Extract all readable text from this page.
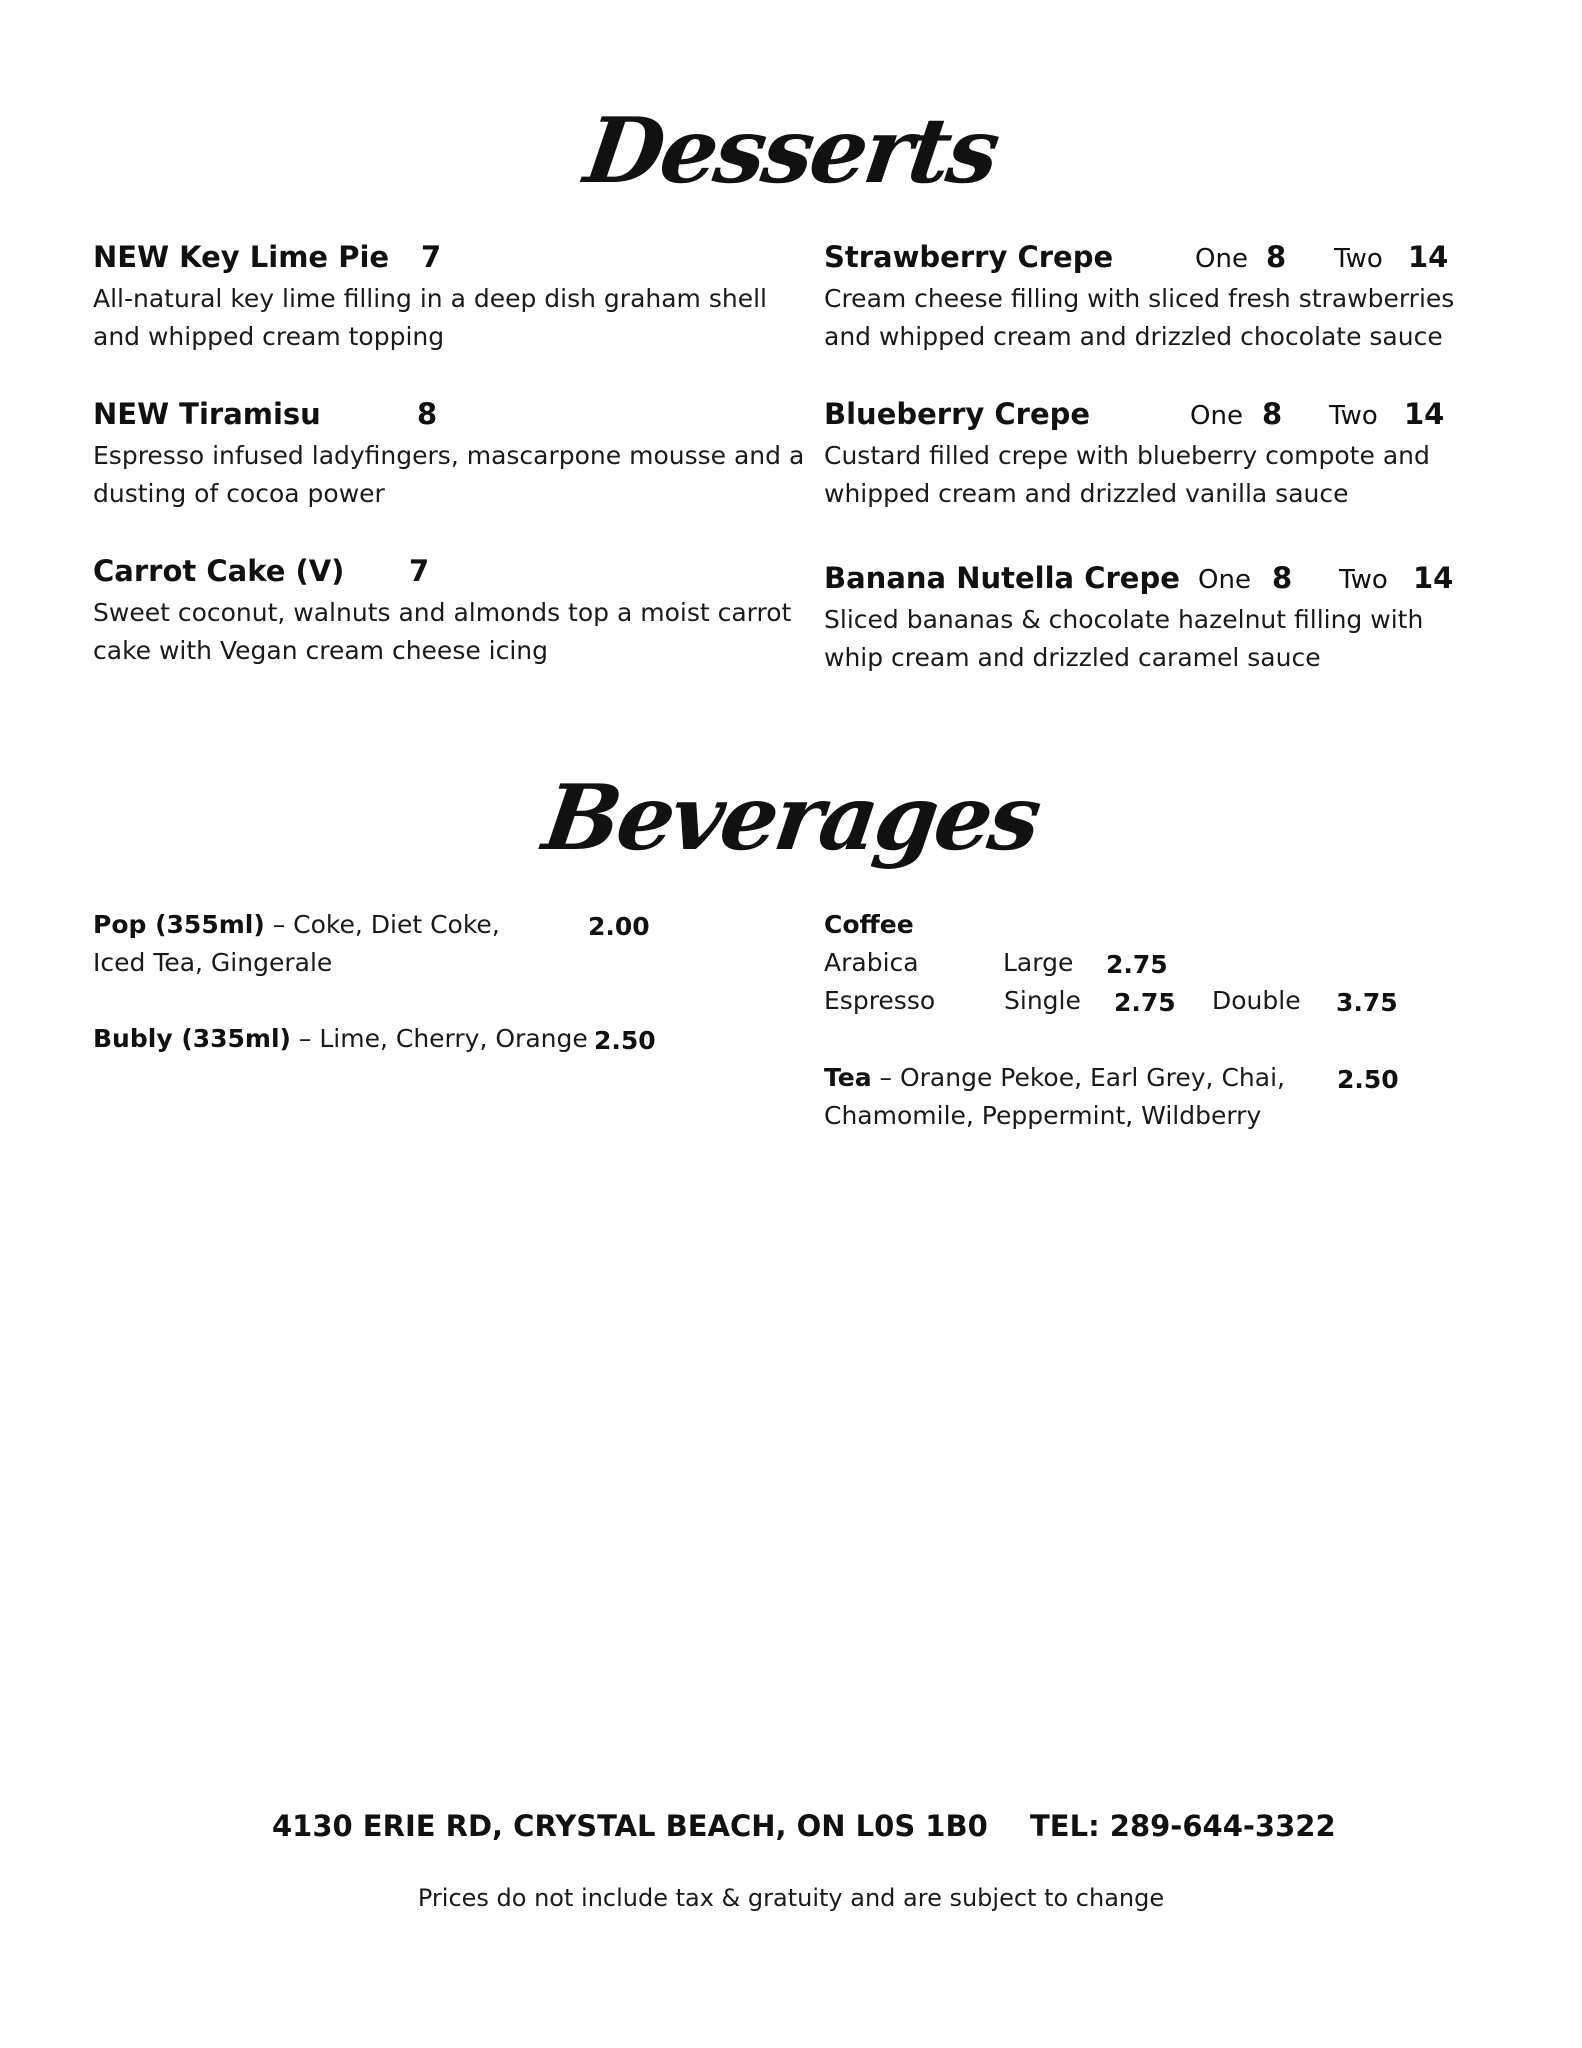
Desserts
NEW Key Lime Pie 7
All-natural key lime filling in a deep dish graham shell
and whipped cream topping
NEW Tiramisu	8
Espresso infused ladyfingers, mascarpone mousse and a
dusting of cocoa power
Carrot Cake (V) 7
Sweet coconut, walnuts and almonds top a moist carrot
cake with Vegan cream cheese icing
Strawberry Crepe	One 8 Two 14
Cream cheese filling with sliced fresh strawberries
and whipped cream and drizzled chocolate sauce
Blueberry Crepe	One 8 Two 14
Custard filled crepe with blueberry compote and
whipped cream and drizzled vanilla sauce
Banana Nutella Crepe One 8 Two 14
Sliced bananas & chocolate hazelnut filling with
whip cream and drizzled caramel sauce
Beverages
Pop (355ml) – Coke, Diet Coke,	2.00
Iced Tea, Gingerale
Bubly (335ml) – Lime, Cherry, Orange 2.50
Coffee
Arabica	Large 2.75
Espresso	Single 2.75 Double 3.75
Tea – Orange Pekoe, Earl Grey, Chai, 2.50
Chamomile, Peppermint, Wildberry
4130 ERIE RD, CRYSTAL BEACH, ON L0S 1B0 TEL: 289-644-3322
Prices do not include tax & gratuity and are subject to change
